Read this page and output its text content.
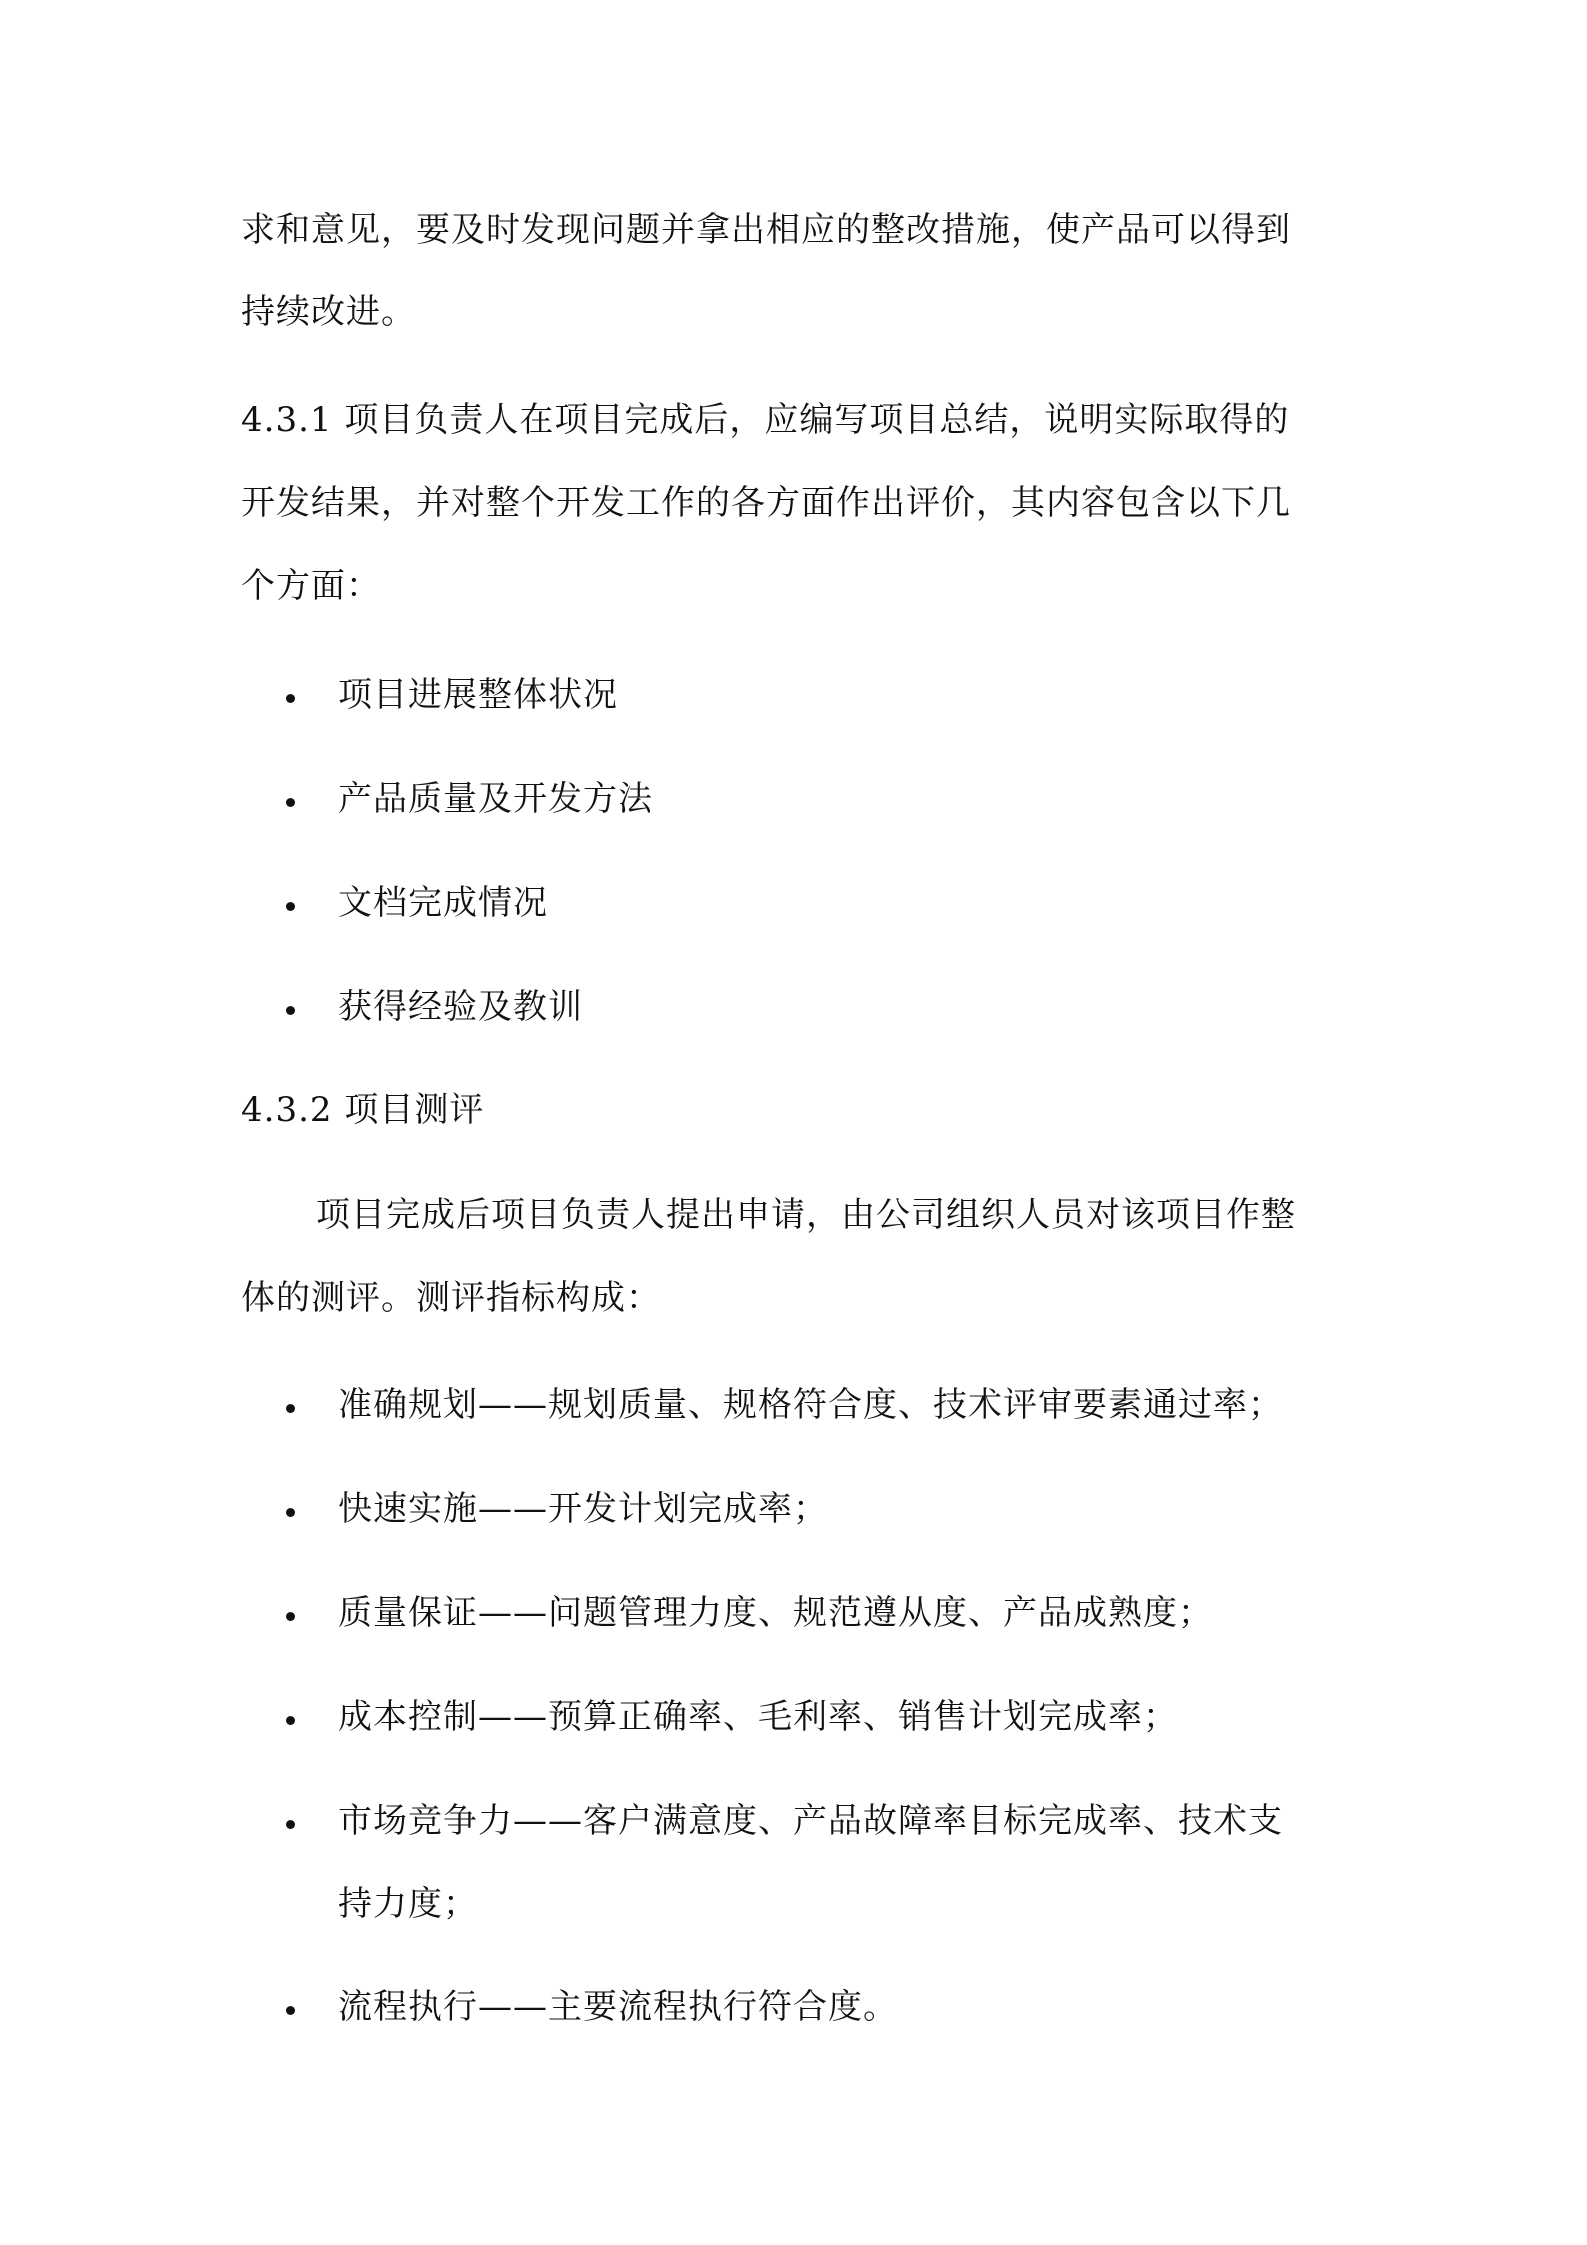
求和意见，要及时发现问题并拿出相应的整改措施，使产品可以得到
持续改进。
4.3.1 项目负责人在项目完成后，应编写项目总结，说明实际取得的
开发结果，并对整个开发工作的各方面作出评价，其内容包含以下几
个方面：
项目进展整体状况
产品质量及开发方法
文档完成情况
获得经验及教训
4.3.2 项目测评
项目完成后项目负责人提出申请，由公司组织人员对该项目作整
体的测评。测评指标构成：
准确规划——规划质量、规格符合度、技术评审要素通过率；
快速实施——开发计划完成率；
质量保证——问题管理力度、规范遵从度、产品成熟度；
成本控制——预算正确率、毛利率、销售计划完成率；
市场竞争力——客户满意度、产品故障率目标完成率、技术支
持力度；
流程执行——主要流程执行符合度。
